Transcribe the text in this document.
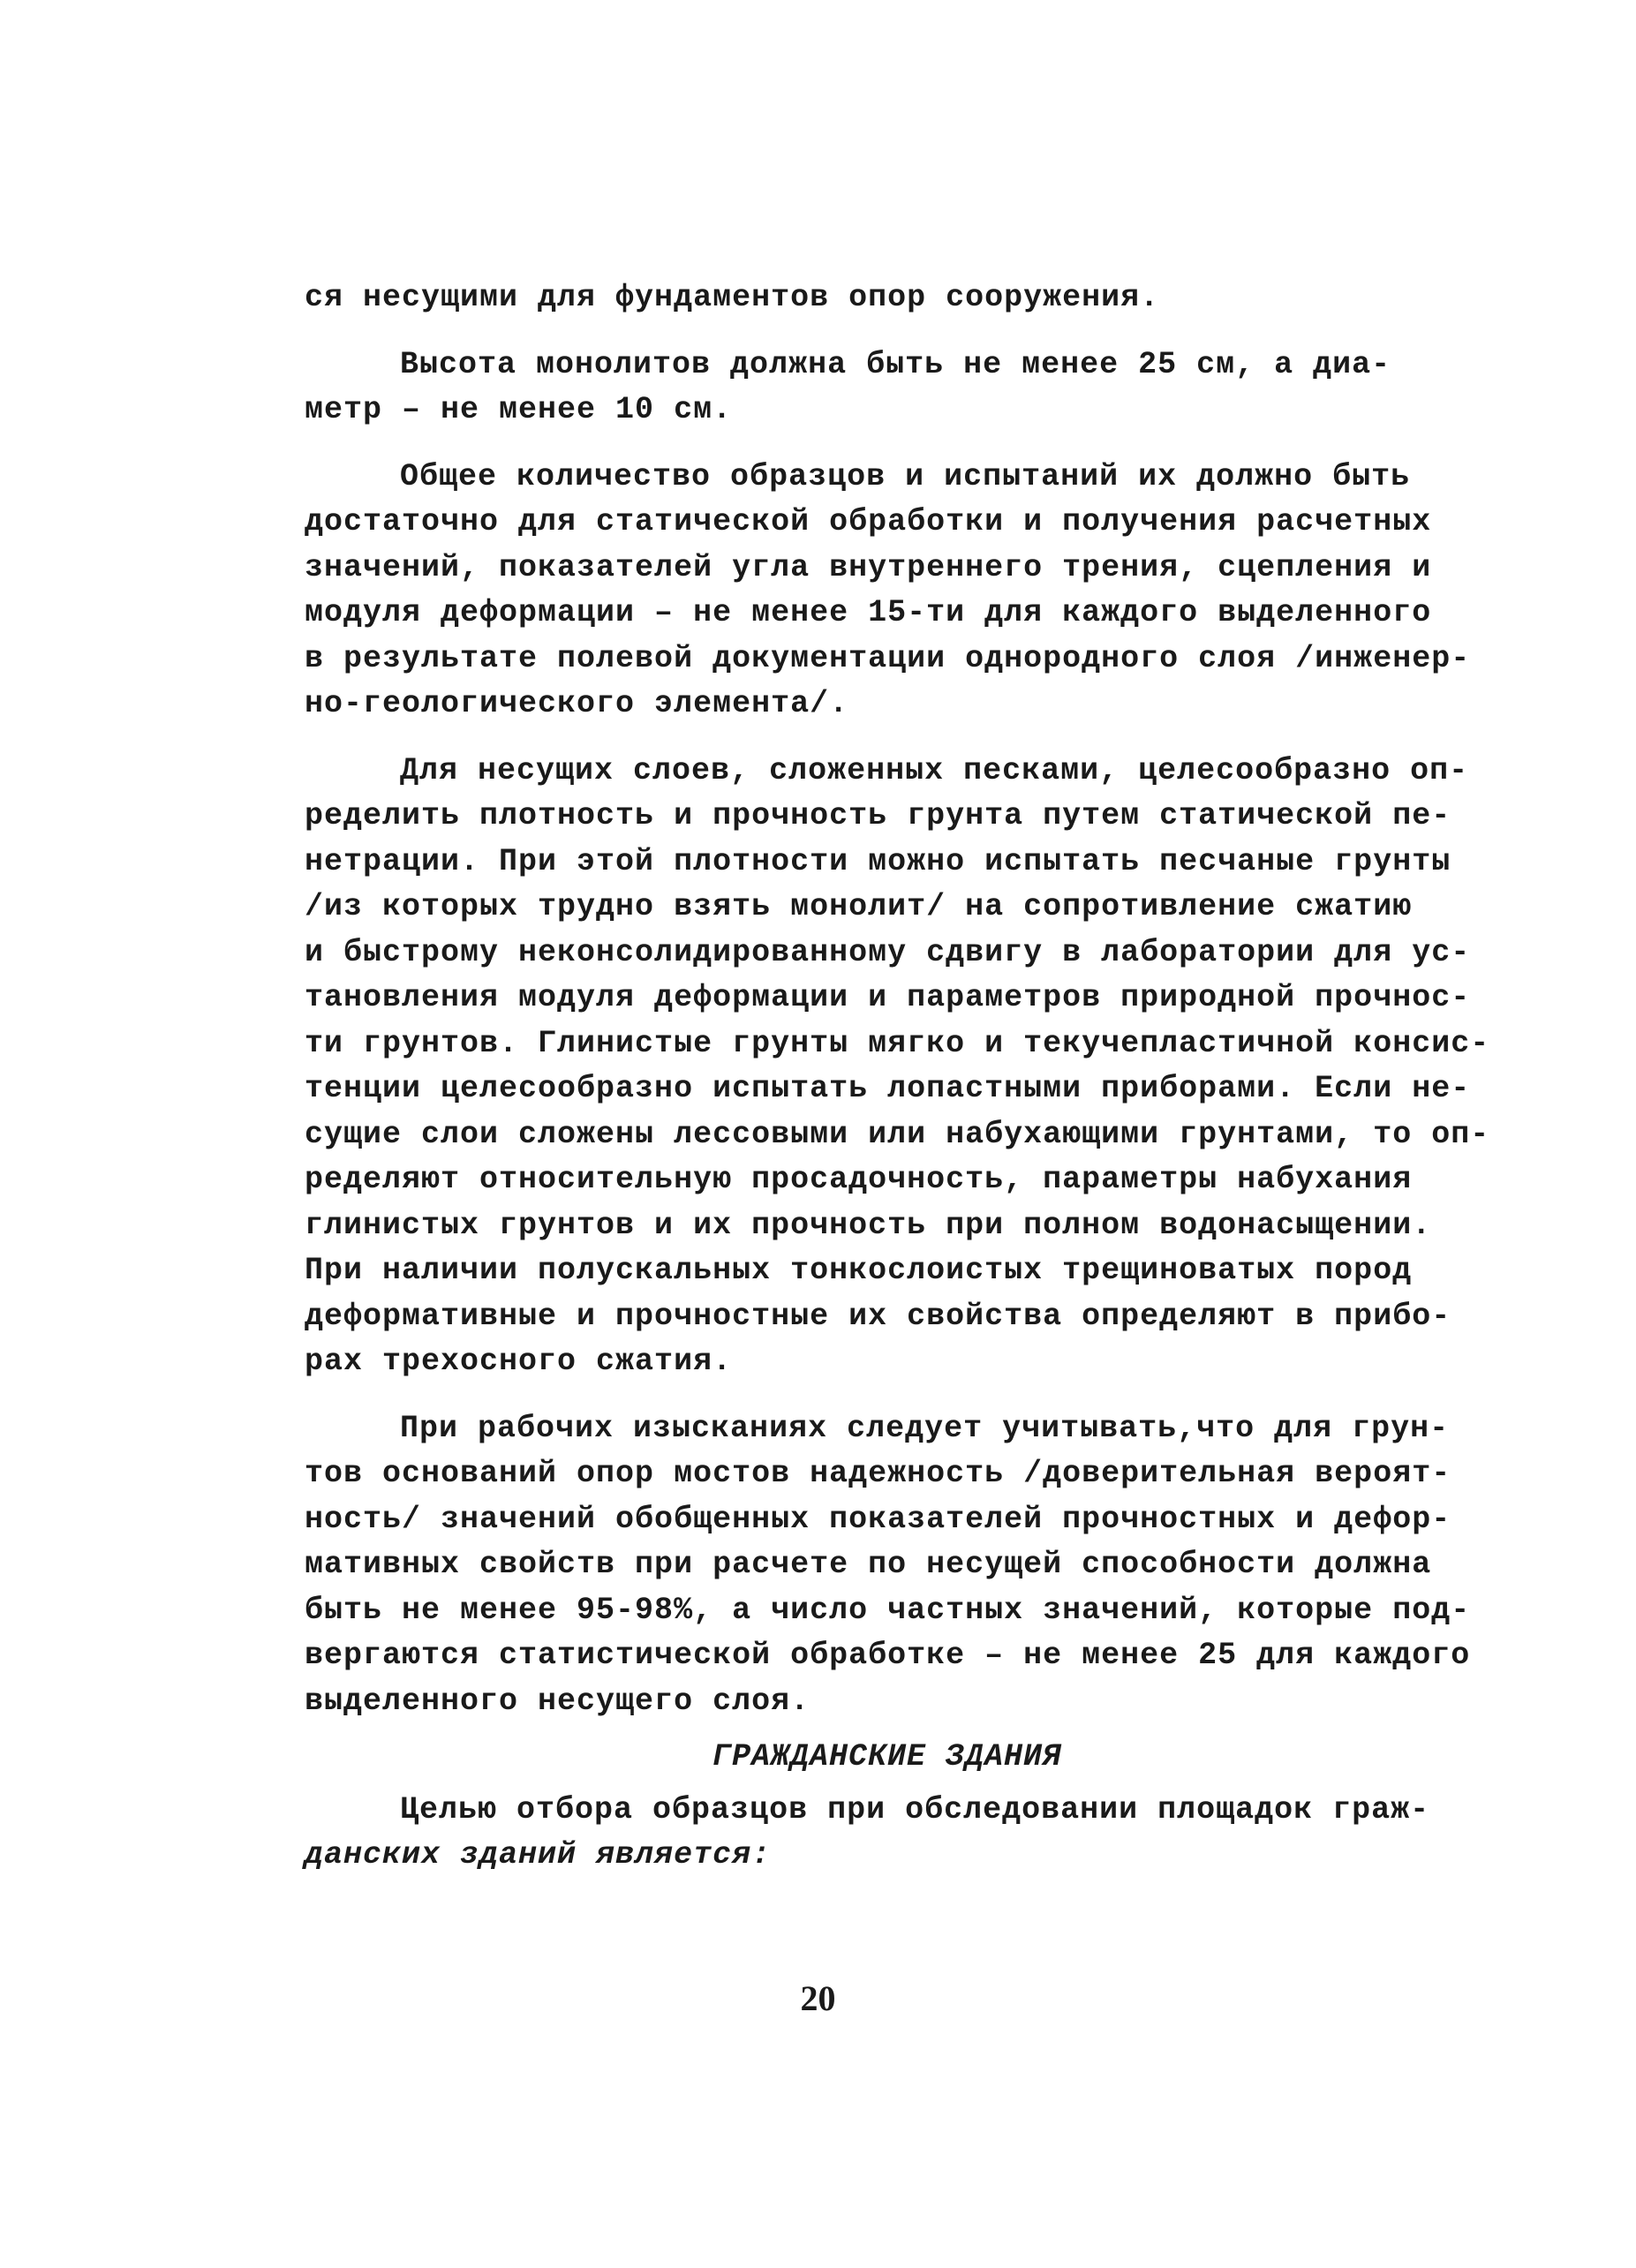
ся несущими для фундаментов опор сооружения.
Высота монолитов должна быть не менее 25 см, а диа-
метр – не менее 10 см.
Общее количество образцов и испытаний их должно быть
достаточно для статической обработки и получения расчетных
значений, показателей угла внутреннего трения, сцепления и
модуля деформации – не менее 15-ти для каждого выделенного
в результате полевой документации однородного слоя /инженер-
но-геологического элемента/.
Для несущих слоев, сложенных песками, целесообразно оп-
ределить плотность и прочность грунта путем статической пе-
нетрации. При этой плотности можно испытать песчаные грунты
/из которых трудно взять монолит/ на сопротивление сжатию
и быстрому неконсолидированному сдвигу в лаборатории для ус-
тановления модуля деформации и параметров природной прочнос-
ти грунтов. Глинистые грунты мягко и текучепластичной консис-
тенции целесообразно испытать лопастными приборами. Если не-
сущие слои сложены лессовыми или набухающими грунтами, то оп-
ределяют относительную просадочность, параметры набухания
глинистых грунтов и их прочность при полном водонасыщении.
При наличии полускальных тонкослоистых трещиноватых пород
деформативные и прочностные их свойства определяют в прибо-
рах трехосного сжатия.
При рабочих изысканиях следует учитывать,что для грун-
тов оснований опор мостов надежность /доверительная вероят-
ность/ значений обобщенных показателей прочностных и дефор-
мативных свойств при расчете по несущей способности должна
быть не менее 95-98%, а число частных значений, которые под-
вергаются статистической обработке – не менее 25 для каждого
выделенного несущего слоя.
ГРАЖДАНСКИЕ ЗДАНИЯ
Целью отбора образцов при обследовании площадок граж-
данских зданий является:
20
